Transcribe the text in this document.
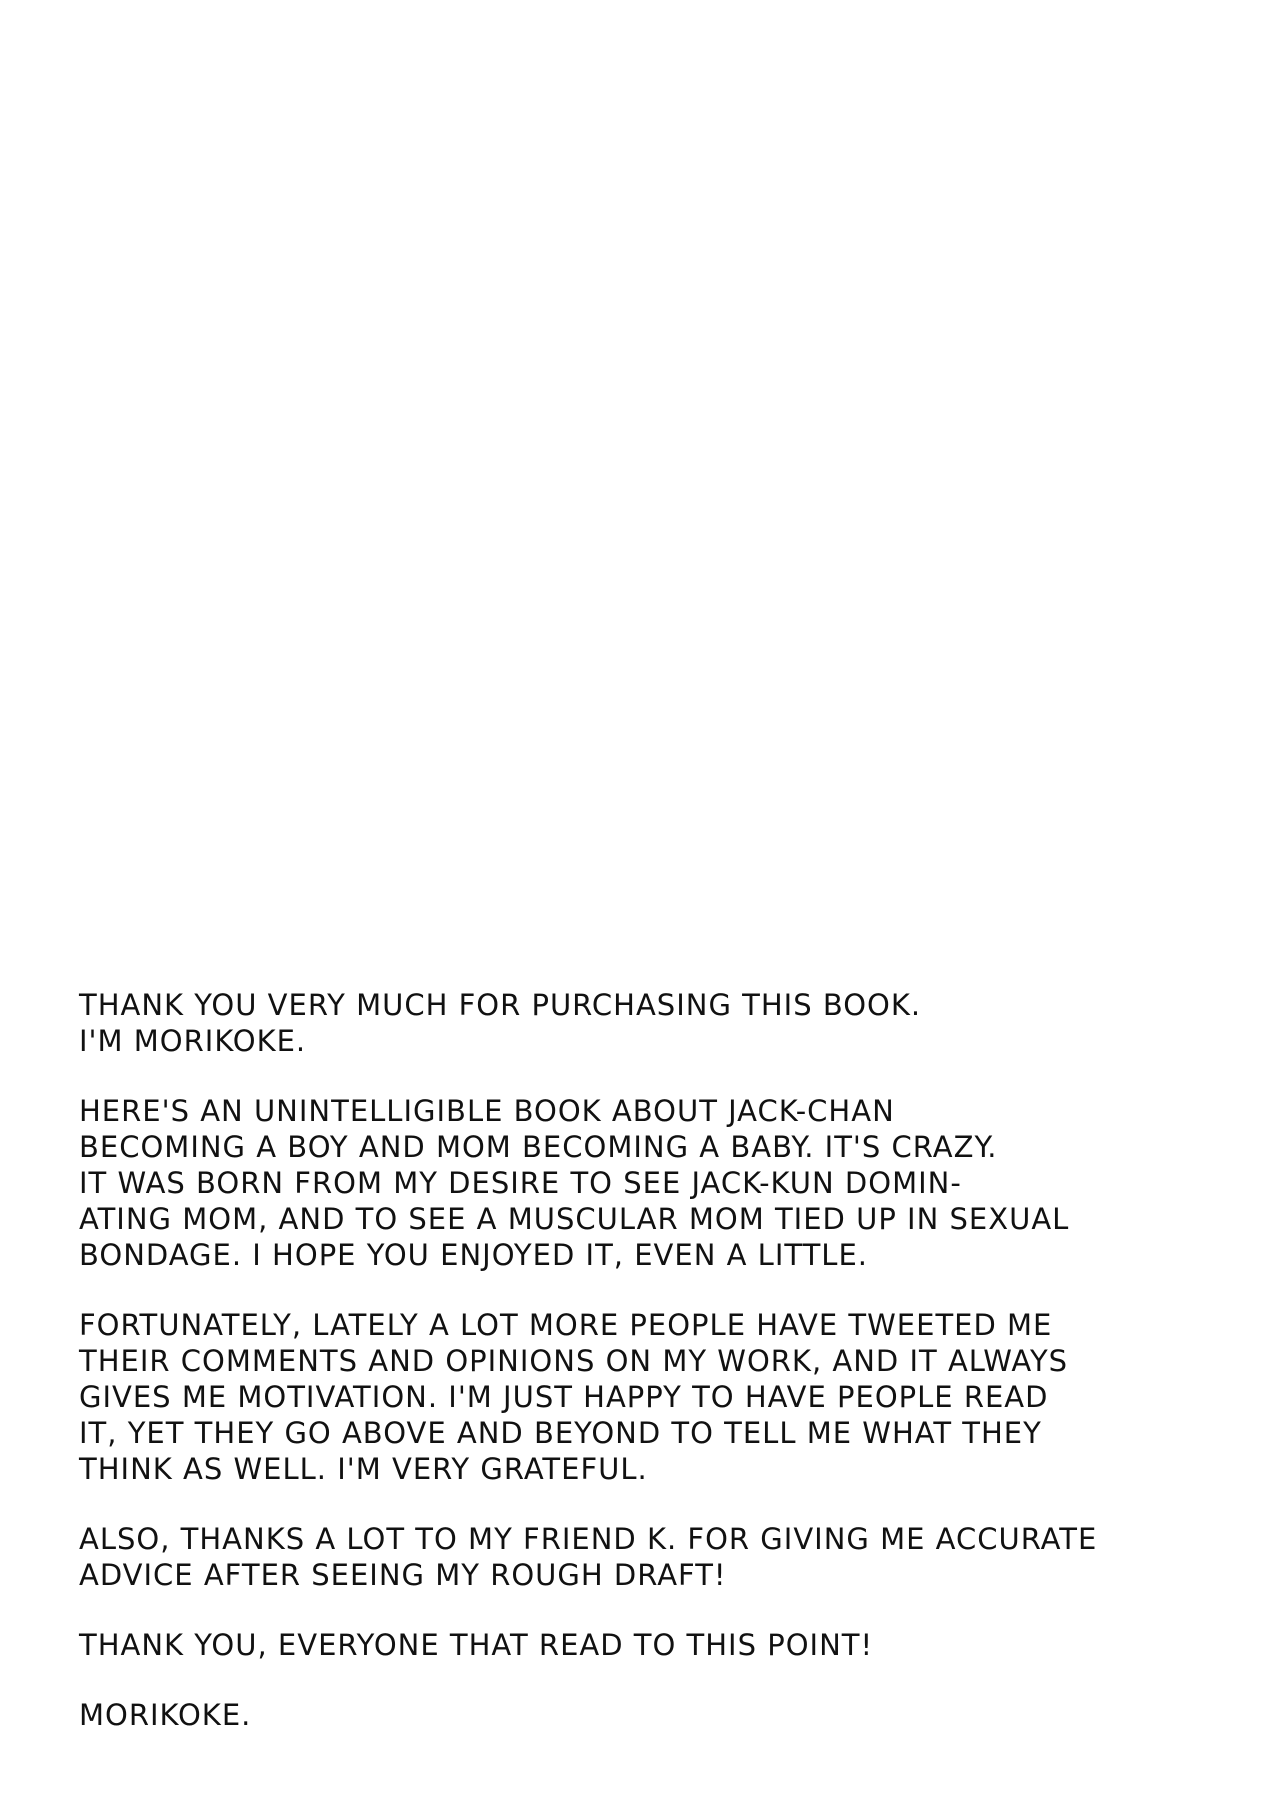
THANK YOU VERY MUCH FOR PURCHASING THIS BOOK.
I'M MORIKOKE.

HERE'S AN UNINTELLIGIBLE BOOK ABOUT JACK-CHAN
BECOMING A BOY AND MOM BECOMING A BABY. IT'S CRAZY.
IT WAS BORN FROM MY DESIRE TO SEE JACK-KUN DOMIN-
ATING MOM, AND TO SEE A MUSCULAR MOM TIED UP IN SEXUAL
BONDAGE. I HOPE YOU ENJOYED IT, EVEN A LITTLE.

FORTUNATELY, LATELY A LOT MORE PEOPLE HAVE TWEETED ME
THEIR COMMENTS AND OPINIONS ON MY WORK, AND IT ALWAYS
GIVES ME MOTIVATION. I'M JUST HAPPY TO HAVE PEOPLE READ
IT, YET THEY GO ABOVE AND BEYOND TO TELL ME WHAT THEY
THINK AS WELL. I'M VERY GRATEFUL.

ALSO, THANKS A LOT TO MY FRIEND K. FOR GIVING ME ACCURATE
ADVICE AFTER SEEING MY ROUGH DRAFT!

THANK YOU, EVERYONE THAT READ TO THIS POINT!

MORIKOKE.
